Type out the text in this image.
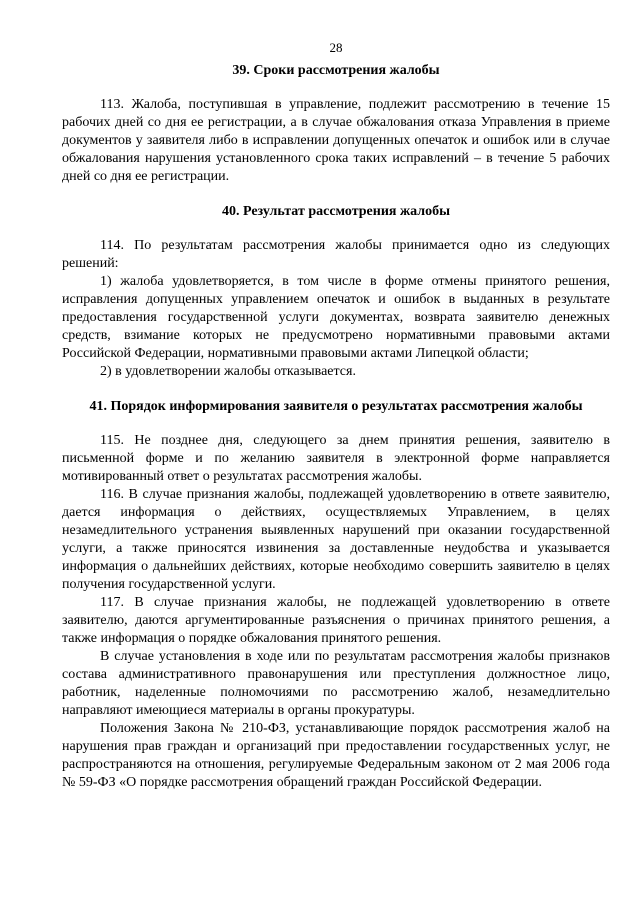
28
39. Сроки рассмотрения жалобы

113. Жалоба, поступившая в управление, подлежит рассмотрению в течение 15 рабочих дней со дня ее регистрации, а в случае обжалования отказа Управления в приеме документов у заявителя либо в исправлении допущенных опечаток и ошибок или в случае обжалования нарушения установленного срока таких исправлений – в течение 5 рабочих дней со дня ее регистрации.

40. Результат рассмотрения жалобы

114. По результатам рассмотрения жалобы принимается одно из следующих решений:

1) жалоба удовлетворяется, в том числе в форме отмены принятого решения, исправления допущенных управлением опечаток и ошибок в выданных в результате предоставления государственной услуги документах, возврата заявителю денежных средств, взимание которых не предусмотрено нормативными правовыми актами Российской Федерации, нормативными правовыми актами Липецкой области;

2) в удовлетворении жалобы отказывается.

41. Порядок информирования заявителя о результатах рассмотрения жалобы

115. Не позднее дня, следующего за днем принятия решения, заявителю в письменной форме и по желанию заявителя в электронной форме направляется мотивированный ответ о результатах рассмотрения жалобы.

116. В случае признания жалобы, подлежащей удовлетворению в ответе заявителю, дается информация о действиях, осуществляемых Управлением, в целях незамедлительного устранения выявленных нарушений при оказании государственной услуги, а также приносятся извинения за доставленные неудобства и указывается информация о дальнейших действиях, которые необходимо совершить заявителю в целях получения государственной услуги.

117. В случае признания жалобы, не подлежащей удовлетворению в ответе заявителю, даются аргументированные разъяснения о причинах принятого решения, а также информация о порядке обжалования принятого решения.

В случае установления в ходе или по результатам рассмотрения жалобы признаков состава административного правонарушения или преступления должностное лицо, работник, наделенные полномочиями по рассмотрению жалоб, незамедлительно направляют имеющиеся материалы в органы прокуратуры.

Положения Закона № 210-ФЗ, устанавливающие порядок рассмотрения жалоб на нарушения прав граждан и организаций при предоставлении государственных услуг, не распространяются на отношения, регулируемые Федеральным законом от 2 мая 2006 года № 59-ФЗ «О порядке рассмотрения обращений граждан Российской Федерации.
